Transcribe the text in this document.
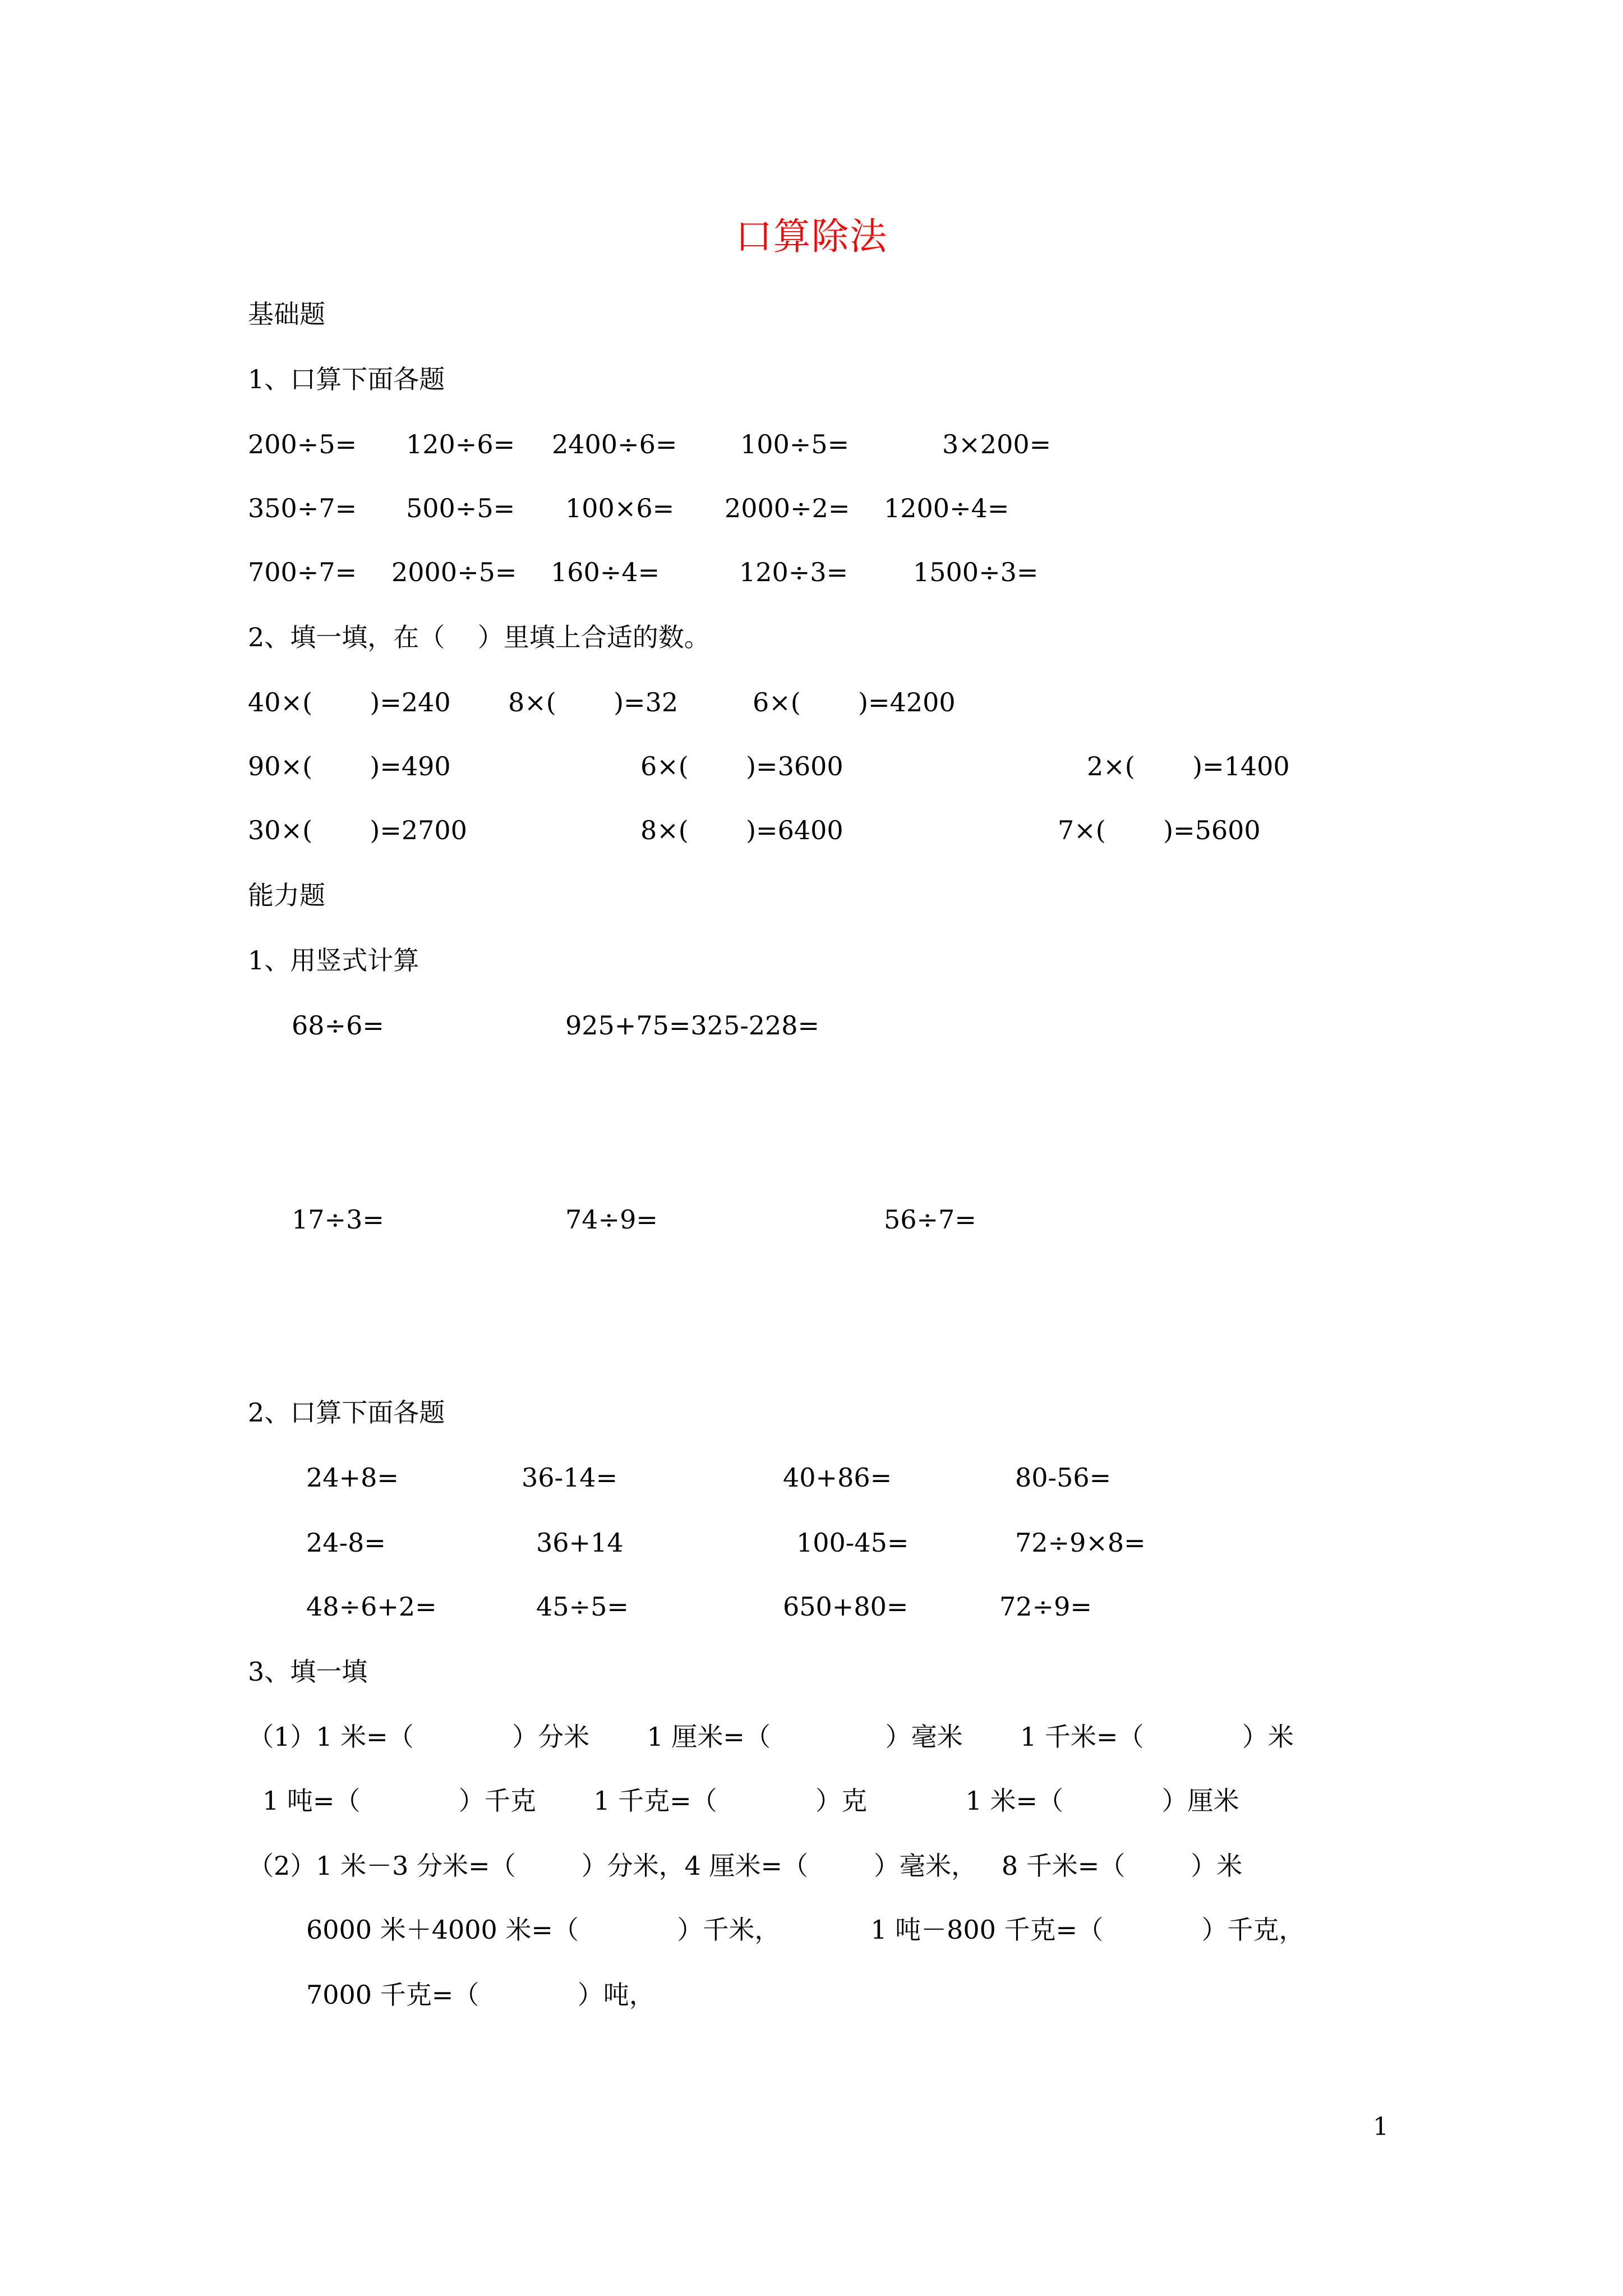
口算除法
基础题
1、口算下面各题
200÷5= 120÷6= 2400÷6= 100÷5=	3×200=
350÷7= 500÷5= 100×6= 2000÷2= 1200÷4=
700÷7= 2000÷5= 160÷4=	120÷3=	1500÷3=
2、填一填，在（    ）里填上合适的数。
40×(       )=240 8×(       )=32	6×(       )=4200
90×(       )=490	6×(       )=3600	2×(       )=1400
30×(       )=2700	8×(       )=6400	7×(       )=5600
能力题
1、用竖式计算
68÷6=	925+75=325-228=
17÷3=	74÷9=	56÷7=
2、口算下面各题
24+8=	36-14=	40+86=	80-56=
24-8=	36+14	100-45=	72÷9×8=
48÷6+2=	45÷5=	650+80=	72÷9=
3、填一填
（1）1 米=（            ）分米       1 厘米=（              ）毫米       1 千米=（            ）米
1 吨=（            ）千克       1 千克=（            ）克            1 米=（            ）厘米
（2）1 米－3 分米=（        ）分米，4 厘米=（        ）毫米，   8 千米=（        ）米
6000 米＋4000 米=（            ）千米，           1 吨－800 千克=（            ）千克，
7000 千克=（            ）吨，
1
